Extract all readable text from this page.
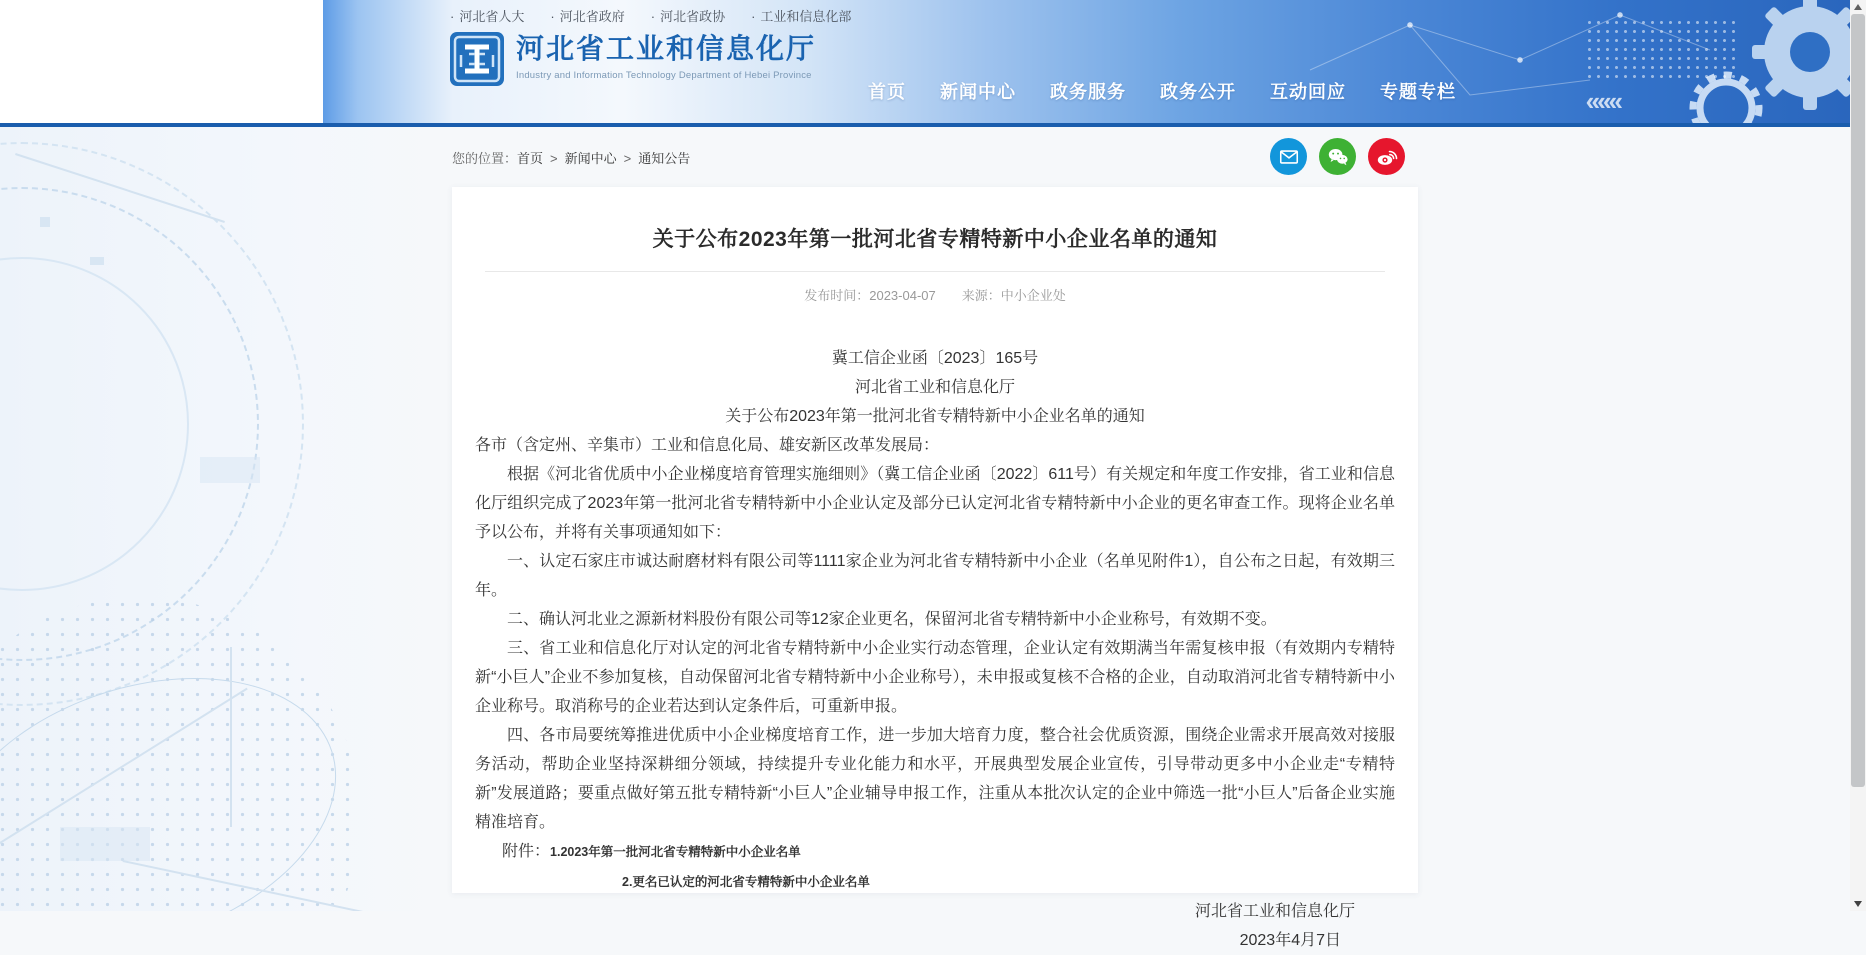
«««
· 河北省人大	· 河北省政府	· 河北省政协	· 工业和信息化部
河北省工业和信息化厅
Industry and Information Technology Department of Hebei Province
首页 新闻中心 政务服务 政务公开 互动回应 专题专栏
您的位置： 首页 > 新闻中心 > 通知公告
关于公布2023年第一批河北省专精特新中小企业名单的通知
发布时间：2023-04-07 来源：中小企业处
冀工信企业函〔2023〕165号
河北省工业和信息化厅
关于公布2023年第一批河北省专精特新中小企业名单的通知
各市（含定州、辛集市）工业和信息化局、雄安新区改革发展局：

根据《河北省优质中小企业梯度培育管理实施细则》（冀工信企业函〔2022〕611号）有关规定和年度工作安排，省工业和信息化厅组织完成了2023年第一批河北省专精特新中小企业认定及部分已认定河北省专精特新中小企业的更名审查工作。现将企业名单予以公布，并将有关事项通知如下：

一、认定石家庄市诚达耐磨材料有限公司等1111家企业为河北省专精特新中小企业（名单见附件1），自公布之日起，有效期三年。

二、确认河北业之源新材料股份有限公司等12家企业更名，保留河北省专精特新中小企业称号，有效期不变。

三、省工业和信息化厅对认定的河北省专精特新中小企业实行动态管理，企业认定有效期满当年需复核申报（有效期内专精特新“小巨人”企业不参加复核，自动保留河北省专精特新中小企业称号），未申报或复核不合格的企业，自动取消河北省专精特新中小企业称号。取消称号的企业若达到认定条件后，可重新申报。

四、各市局要统筹推进优质中小企业梯度培育工作，进一步加大培育力度，整合社会优质资源，围绕企业需求开展高效对接服务活动，帮助企业坚持深耕细分领域，持续提升专业化能力和水平，开展典型发展企业宣传，引导带动更多中小企业走“专精特新”发展道路；要重点做好第五批专精特新“小巨人”企业辅导申报工作，注重从本批次认定的企业中筛选一批“小巨人”后备企业实施精准培育。

附件：1.2023年第一批河北省专精特新中小企业名单
2.更名已认定的河北省专精特新中小企业名单
河北省工业和信息化厅
2023年4月7日
